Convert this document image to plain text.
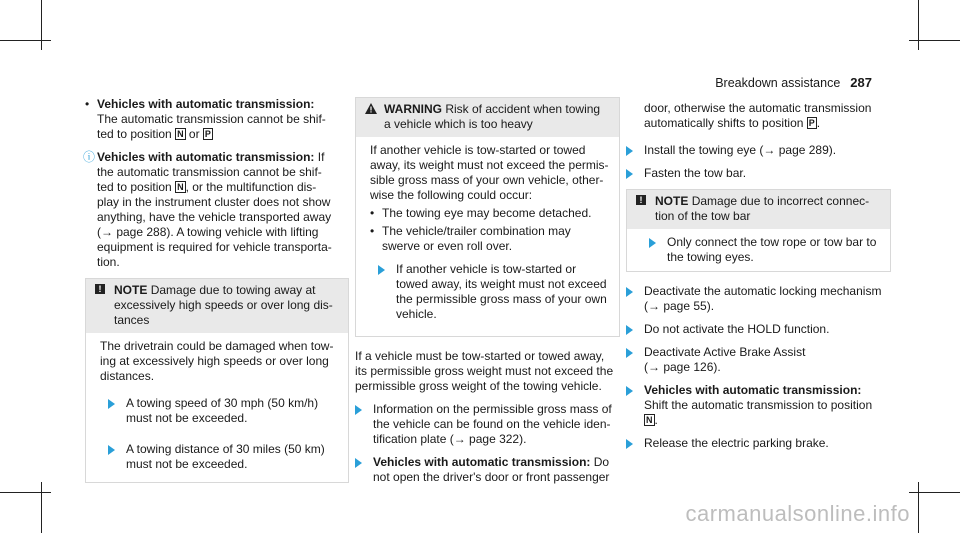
Breakdown assistance 287
• Vehicles with automatic transmission:
The automatic transmission cannot be shif-
ted to position N or P
ⓘ Vehicles with automatic transmission: If
the automatic transmission cannot be shif-
ted to position N , or the multifunction dis-
play in the instrument cluster does not show
anything, have the vehicle transported away
(→ page 288). A towing vehicle with lifting
equipment is required for vehicle transporta-
tion.
! NOTE Damage due to towing away at
excessively high speeds or over long dis-
tances
The drivetrain could be damaged when tow-
ing at excessively high speeds or over long
distances.
A towing speed of 30 mph (50 km/h)
must not be exceeded.
A towing distance of 30 miles (50 km)
must not be exceeded.
WARNING Risk of accident when towing
a vehicle which is too heavy
If another vehicle is tow-started or towed
away, its weight must not exceed the permis-
sible gross mass of your own vehicle, other-
wise the following could occur:
• The towing eye may become detached.
• The vehicle/trailer combination may
swerve or even roll over.
If another vehicle is tow-started or
towed away, its weight must not exceed
the permissible gross mass of your own
vehicle.
If a vehicle must be tow-started or towed away,
its permissible gross weight must not exceed the
permissible gross weight of the towing vehicle.
Information on the permissible gross mass of
the vehicle can be found on the vehicle iden-
tification plate (→ page 322).
Vehicles with automatic transmission: Do
not open the driver's door or front passenger
door, otherwise the automatic transmission
automatically shifts to position P .
Install the towing eye (→ page 289).
Fasten the tow bar.
! NOTE Damage due to incorrect connec-
tion of the tow bar
Only connect the tow rope or tow bar to
the towing eyes.
Deactivate the automatic locking mechanism
(→ page 55).
Do not activate the HOLD function.
Deactivate Active Brake Assist
(→ page 126).
Vehicles with automatic transmission:
Shift the automatic transmission to position
N .
Release the electric parking brake.
carmanualsonline.info
